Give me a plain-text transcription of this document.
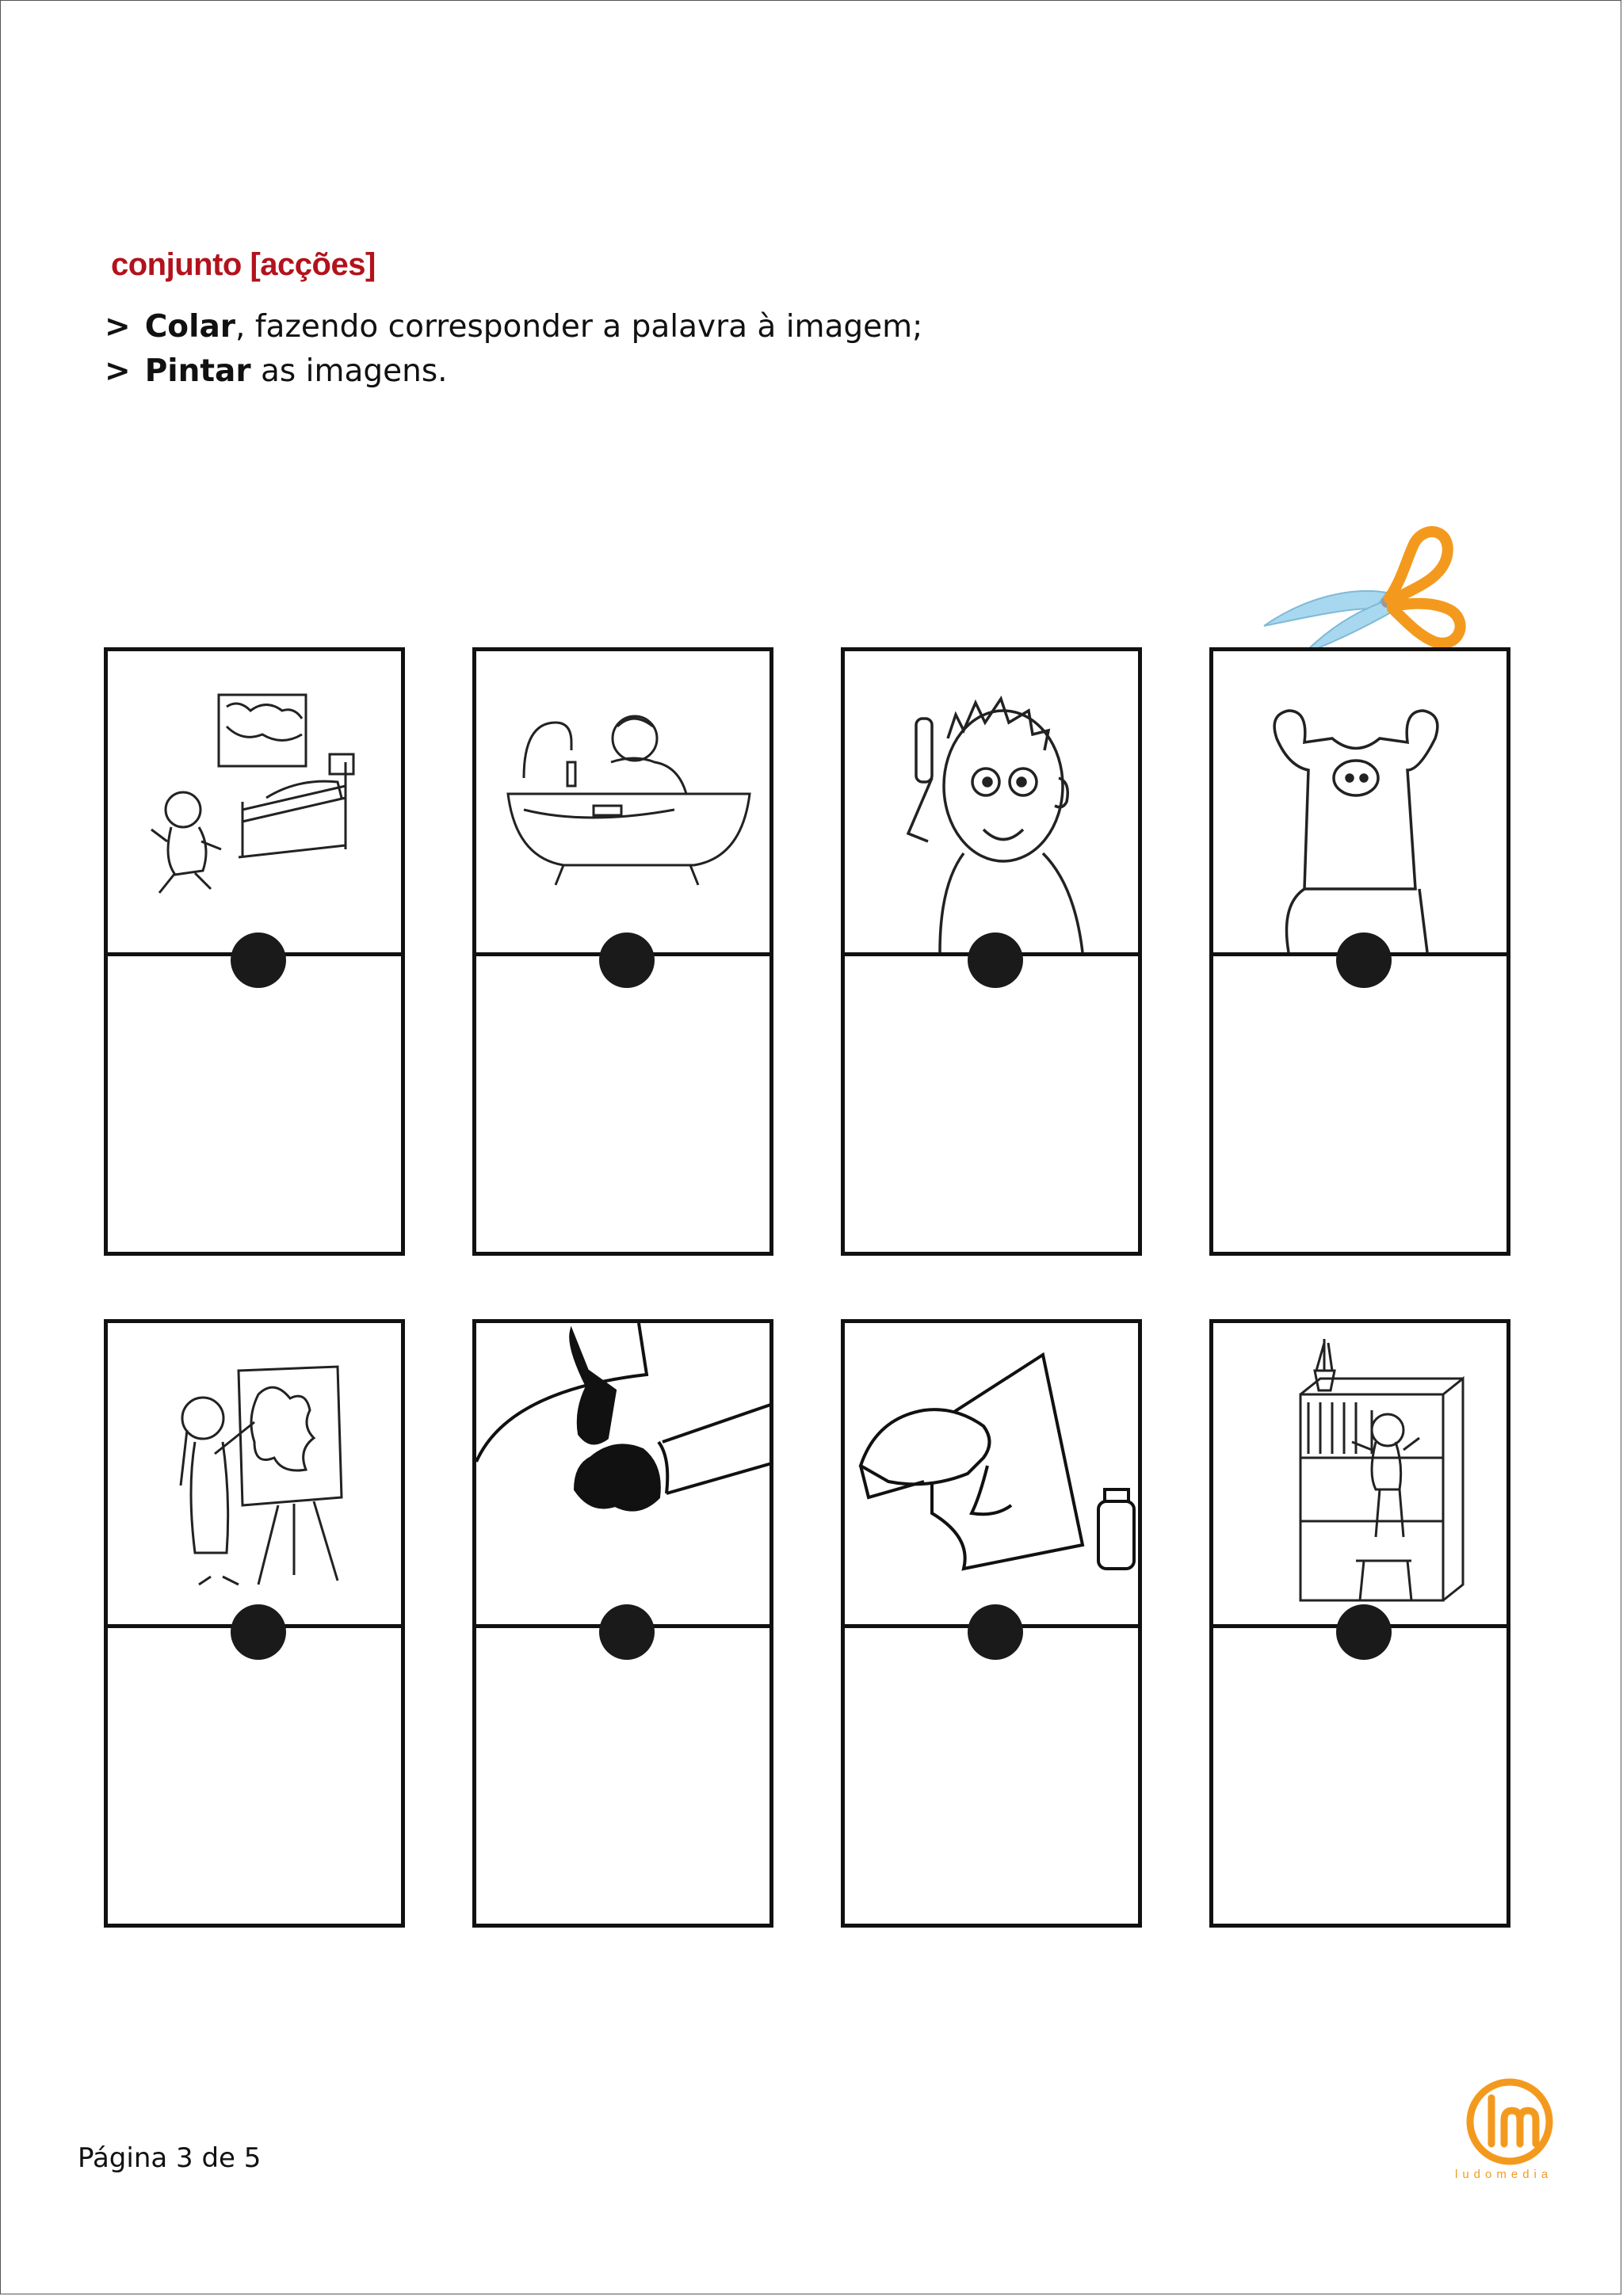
conjunto [acções]
> Colar, fazendo corresponder a palavra à imagem;
> Pintar as imagens.
Página 3 de 5
ludomedia
